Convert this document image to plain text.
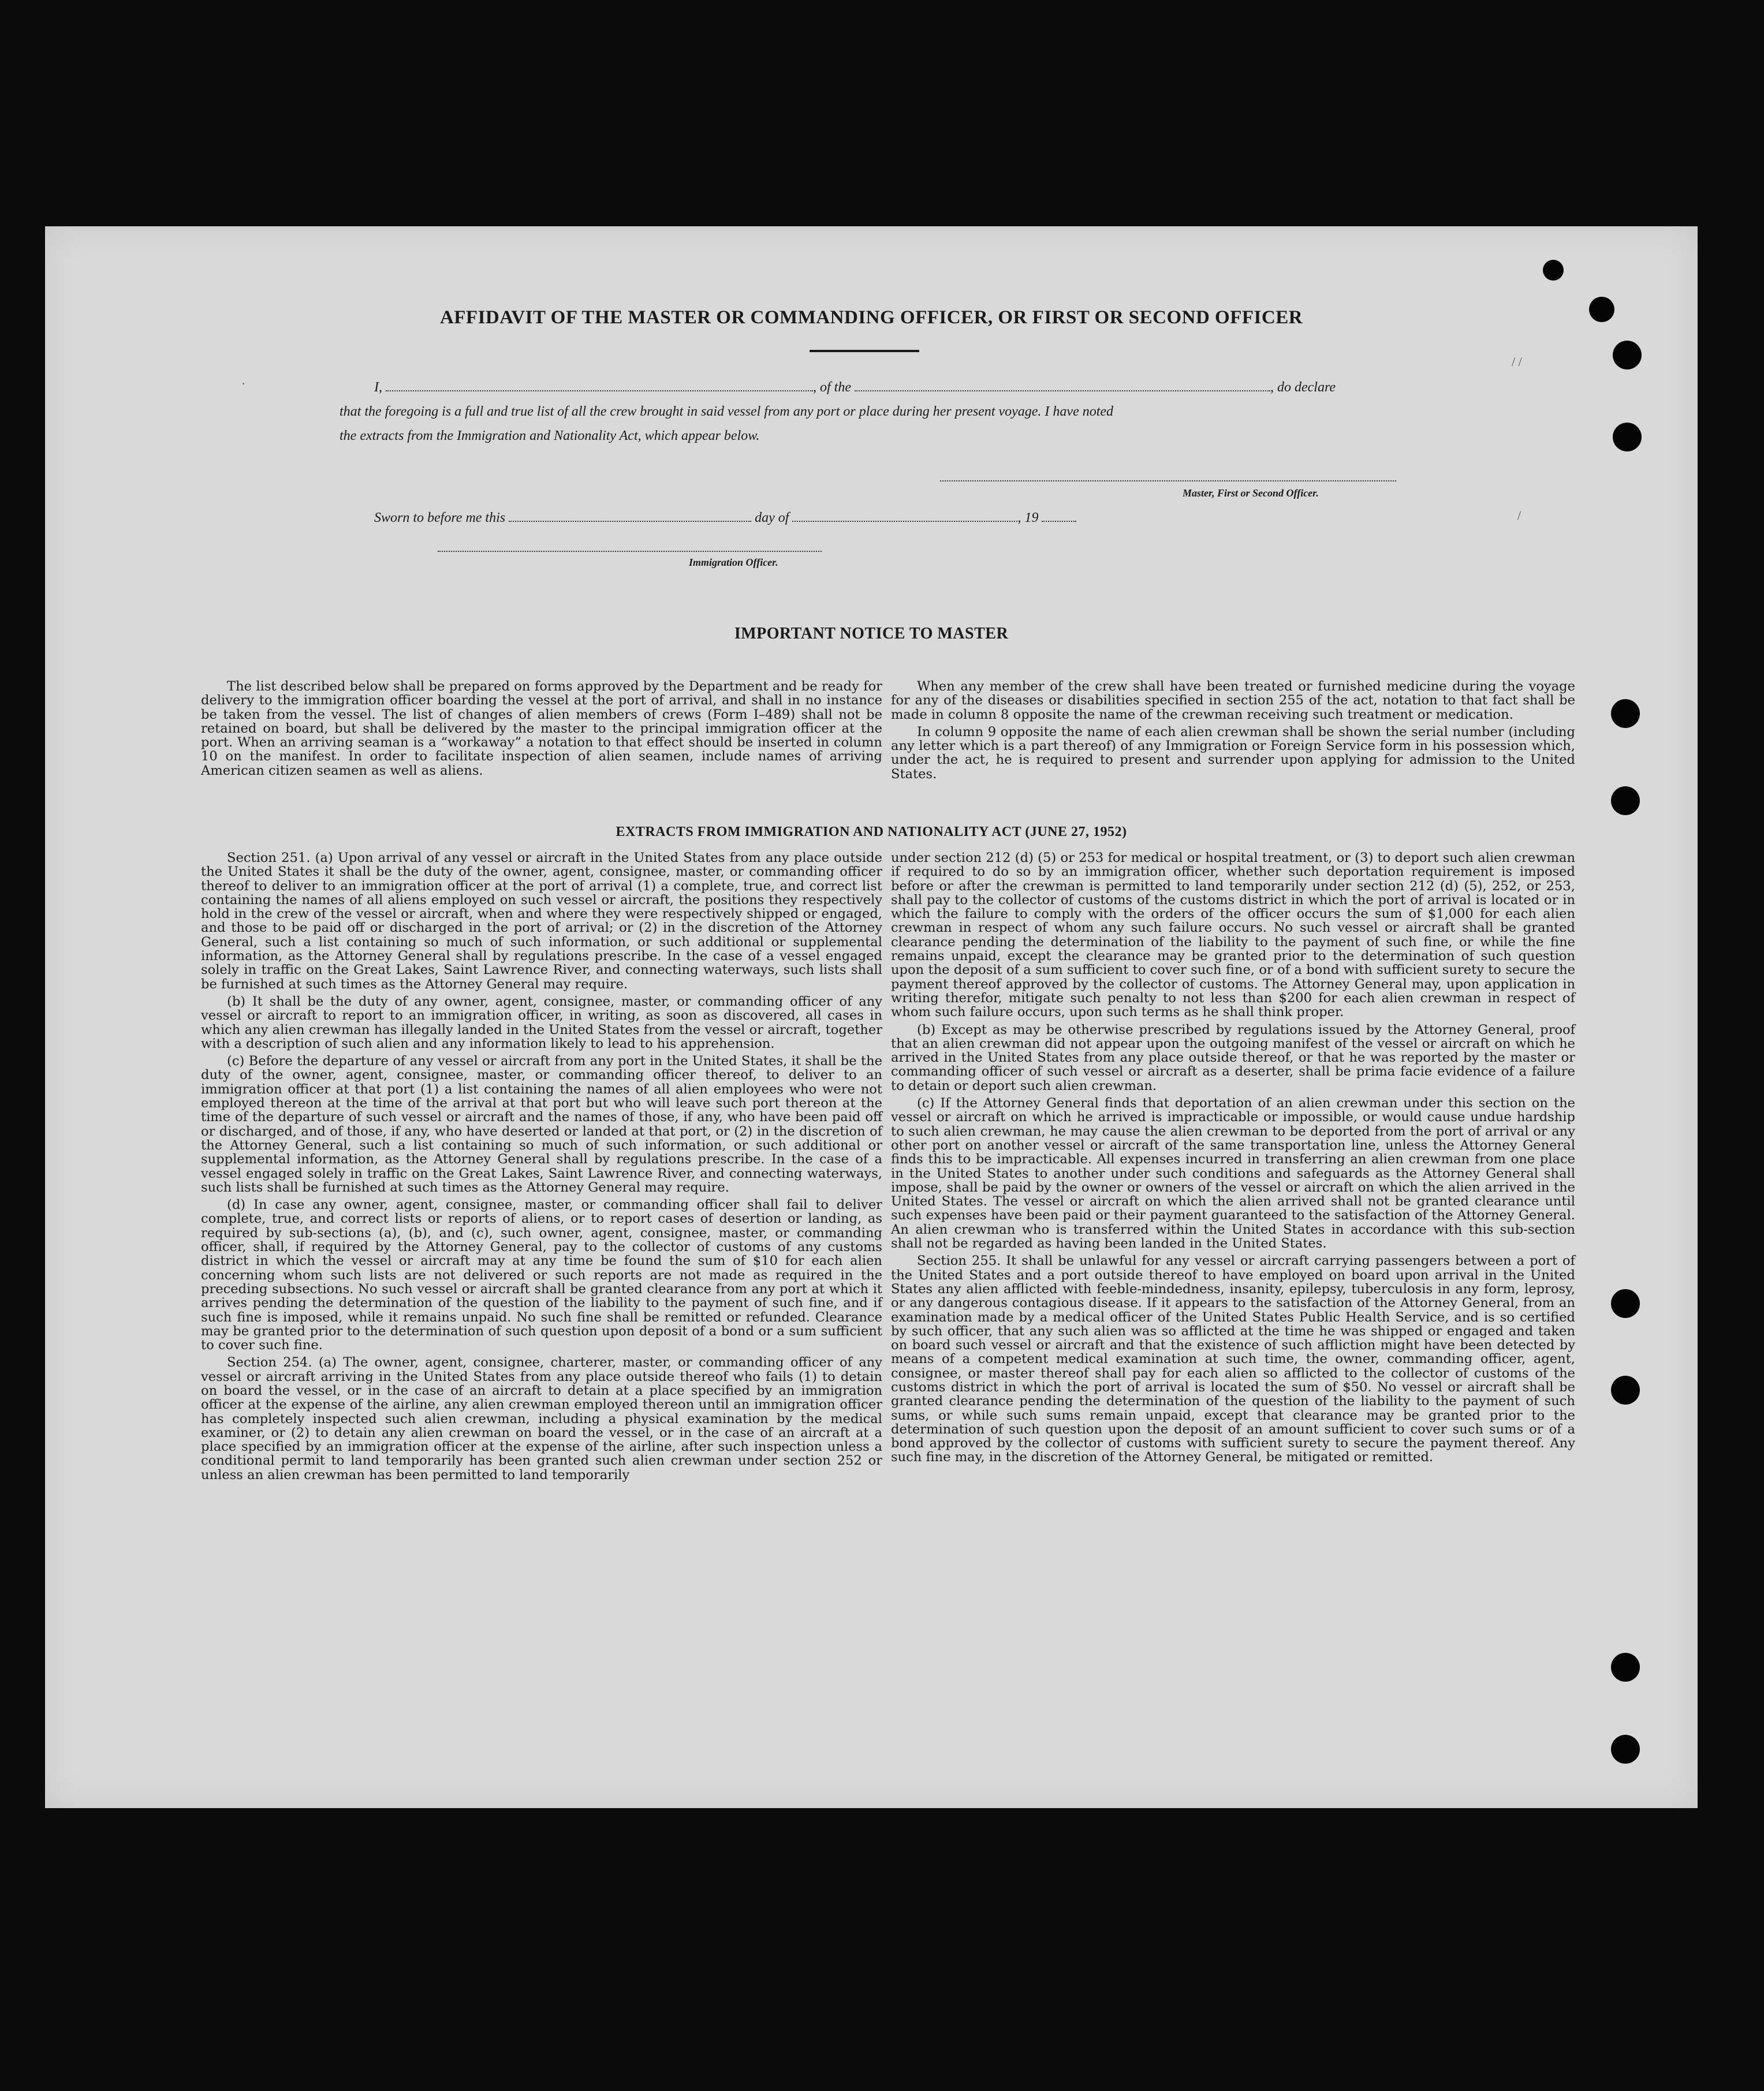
AFFIDAVIT OF THE MASTER OR COMMANDING OFFICER, OR FIRST OR SECOND OFFICER
I,	, of the	, do declare
that the foregoing is a full and true list of all the crew brought in said vessel from any port or place during her present voyage. I have noted
the extracts from the Immigration and Nationality Act, which appear below.
Master, First or Second Officer.
Sworn to before me this	day of	, 19
Immigration Officer.
IMPORTANT NOTICE TO MASTER

The list described below shall be prepared on forms approved by the Department and be ready for delivery to the immigration officer boarding the vessel at the port of arrival, and shall in no instance be taken from the vessel. The list of changes of alien members of crews (Form I–489) shall not be retained on board, but shall be delivered by the master to the principal immigration officer at the port. When an arriving seaman is a “workaway” a notation to that effect should be inserted in column 10 on the manifest. In order to facilitate inspection of alien seamen, include names of arriving American citizen seamen as well as aliens.

When any member of the crew shall have been treated or furnished medicine during the voyage for any of the diseases or disabilities specified in section 255 of the act, notation to that fact shall be made in column 8 opposite the name of the crewman receiving such treatment or medication.

In column 9 opposite the name of each alien crewman shall be shown the serial number (including any letter which is a part thereof) of any Immigration or Foreign Service form in his possession which, under the act, he is required to present and surrender upon applying for admission to the United States.

EXTRACTS FROM IMMIGRATION AND NATIONALITY ACT (JUNE 27, 1952)

Section 251. (a) Upon arrival of any vessel or aircraft in the United States from any place outside the United States it shall be the duty of the owner, agent, consignee, master, or commanding officer thereof to deliver to an immigration officer at the port of arrival (1) a complete, true, and correct list containing the names of all aliens employed on such vessel or aircraft, the positions they respectively hold in the crew of the vessel or aircraft, when and where they were respectively shipped or engaged, and those to be paid off or discharged in the port of arrival; or (2) in the discretion of the Attorney General, such a list containing so much of such information, or such additional or supplemental information, as the Attorney General shall by regulations prescribe. In the case of a vessel engaged solely in traffic on the Great Lakes, Saint Lawrence River, and connecting waterways, such lists shall be furnished at such times as the Attorney General may require.

(b) It shall be the duty of any owner, agent, consignee, master, or commanding officer of any vessel or aircraft to report to an immigration officer, in writing, as soon as discovered, all cases in which any alien crewman has illegally landed in the United States from the vessel or aircraft, together with a description of such alien and any information likely to lead to his apprehension.

(c) Before the departure of any vessel or aircraft from any port in the United States, it shall be the duty of the owner, agent, consignee, master, or commanding officer thereof, to deliver to an immigration officer at that port (1) a list containing the names of all alien employees who were not employed thereon at the time of the arrival at that port but who will leave such port thereon at the time of the departure of such vessel or aircraft and the names of those, if any, who have been paid off or discharged, and of those, if any, who have deserted or landed at that port, or (2) in the discretion of the Attorney General, such a list containing so much of such information, or such additional or supplemental information, as the Attorney General shall by regulations prescribe. In the case of a vessel engaged solely in traffic on the Great Lakes, Saint Lawrence River, and connecting waterways, such lists shall be furnished at such times as the Attorney General may require.

(d) In case any owner, agent, consignee, master, or commanding officer shall fail to deliver complete, true, and correct lists or reports of aliens, or to report cases of desertion or landing, as required by sub-sections (a), (b), and (c), such owner, agent, consignee, master, or commanding officer, shall, if required by the Attorney General, pay to the collector of customs of any customs district in which the vessel or aircraft may at any time be found the sum of $10 for each alien concerning whom such lists are not delivered or such reports are not made as required in the preceding subsections. No such vessel or aircraft shall be granted clearance from any port at which it arrives pending the determination of the question of the liability to the payment of such fine, and if such fine is imposed, while it remains unpaid. No such fine shall be remitted or refunded. Clearance may be granted prior to the determination of such question upon deposit of a bond or a sum sufficient to cover such fine.

Section 254. (a) The owner, agent, consignee, charterer, master, or commanding officer of any vessel or aircraft arriving in the United States from any place outside thereof who fails (1) to detain on board the vessel, or in the case of an aircraft to detain at a place specified by an immigration officer at the expense of the airline, any alien crewman employed thereon until an immigration officer has completely inspected such alien crewman, including a physical examination by the medical examiner, or (2) to detain any alien crewman on board the vessel, or in the case of an aircraft at a place specified by an immigration officer at the expense of the airline, after such inspection unless a conditional permit to land temporarily has been granted such alien crewman under section 252 or unless an alien crewman has been permitted to land temporarily

under section 212 (d) (5) or 253 for medical or hospital treatment, or (3) to deport such alien crewman if required to do so by an immigration officer, whether such deportation requirement is imposed before or after the crewman is permitted to land temporarily under section 212 (d) (5), 252, or 253, shall pay to the collector of customs of the customs district in which the port of arrival is located or in which the failure to comply with the orders of the officer occurs the sum of $1,000 for each alien crewman in respect of whom any such failure occurs. No such vessel or aircraft shall be granted clearance pending the determination of the liability to the payment of such fine, or while the fine remains unpaid, except the clearance may be granted prior to the determination of such question upon the deposit of a sum sufficient to cover such fine, or of a bond with sufficient surety to secure the payment thereof approved by the collector of customs. The Attorney General may, upon application in writing therefor, mitigate such penalty to not less than $200 for each alien crewman in respect of whom such failure occurs, upon such terms as he shall think proper.

(b) Except as may be otherwise prescribed by regulations issued by the Attorney General, proof that an alien crewman did not appear upon the outgoing manifest of the vessel or aircraft on which he arrived in the United States from any place outside thereof, or that he was reported by the master or commanding officer of such vessel or aircraft as a deserter, shall be prima facie evidence of a failure to detain or deport such alien crewman.

(c) If the Attorney General finds that deportation of an alien crewman under this section on the vessel or aircraft on which he arrived is impracticable or impossible, or would cause undue hardship to such alien crewman, he may cause the alien crewman to be deported from the port of arrival or any other port on another vessel or aircraft of the same transportation line, unless the Attorney General finds this to be impracticable. All expenses incurred in transferring an alien crewman from one place in the United States to another under such conditions and safeguards as the Attorney General shall impose, shall be paid by the owner or owners of the vessel or aircraft on which the alien arrived in the United States. The vessel or aircraft on which the alien arrived shall not be granted clearance until such expenses have been paid or their payment guaranteed to the satisfaction of the Attorney General. An alien crewman who is transferred within the United States in accordance with this sub-section shall not be regarded as having been landed in the United States.

Section 255. It shall be unlawful for any vessel or aircraft carrying passengers between a port of the United States and a port outside thereof to have employed on board upon arrival in the United States any alien afflicted with feeble-mindedness, insanity, epilepsy, tuberculosis in any form, leprosy, or any dangerous contagious disease. If it appears to the satisfaction of the Attorney General, from an examination made by a medical officer of the United States Public Health Service, and is so certified by such officer, that any such alien was so afflicted at the time he was shipped or engaged and taken on board such vessel or aircraft and that the existence of such affliction might have been detected by means of a competent medical examination at such time, the owner, commanding officer, agent, consignee, or master thereof shall pay for each alien so afflicted to the collector of customs of the customs district in which the port of arrival is located the sum of $50. No vessel or aircraft shall be granted clearance pending the determination of the question of the liability to the payment of such sums, or while such sums remain unpaid, except that clearance may be granted prior to the determination of such question upon the deposit of an amount sufficient to cover such sums or of a bond approved by the collector of customs with sufficient surety to secure the payment thereof. Any such fine may, in the discretion of the Attorney General, be mitigated or remitted.

·
/ /
/
